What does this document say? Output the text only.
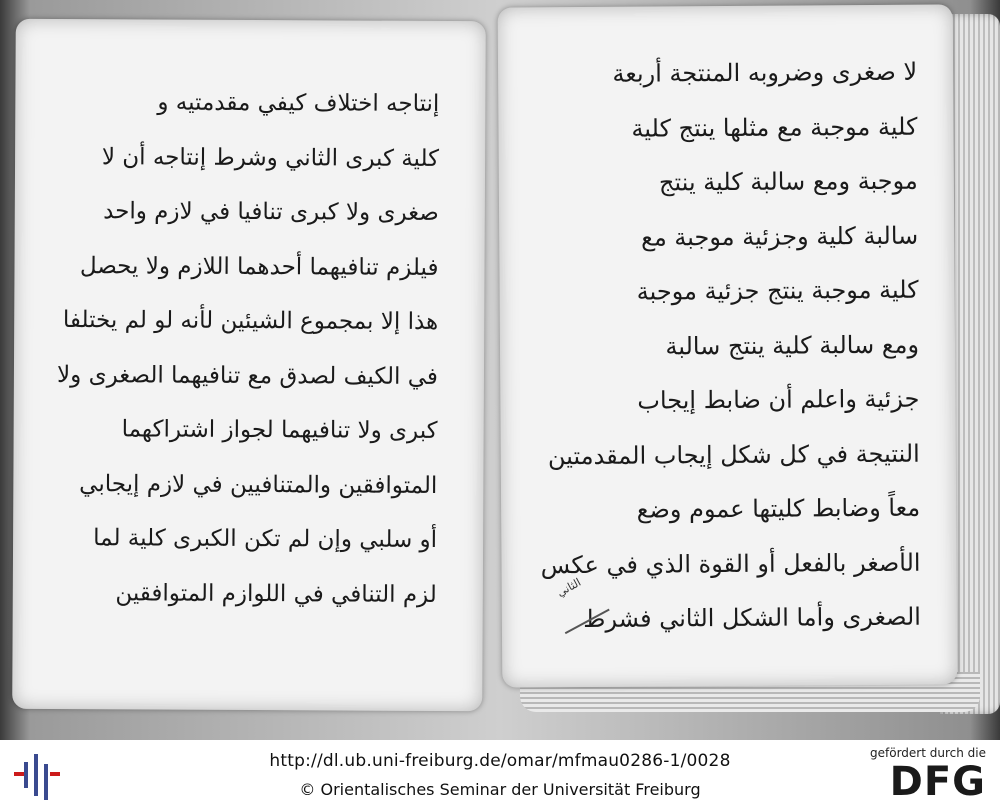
إنتاجه اختلاف كيفي مقدمتيه و
كلية كبرى الثاني وشرط إنتاجه أن لا
صغرى ولا كبرى تنافيا في لازم واحد
فيلزم تنافيهما أحدهما اللازم ولا يحصل
هذا إلا بمجموع الشيئين لأنه لو لم يختلفا
في الكيف لصدق مع تنافيهما الصغرى ولا
كبرى ولا تنافيهما لجواز اشتراكهما
المتوافقين والمتنافيين في لازم إيجابي
أو سلبي وإن لم تكن الكبرى كلية لما
لزم التنافي في اللوازم المتوافقين
لا صغرى وضروبه المنتجة أربعة
كلية موجبة مع مثلها ينتج كلية
موجبة ومع سالبة كلية ينتج
سالبة كلية وجزئية موجبة مع
كلية موجبة ينتج جزئية موجبة
ومع سالبة كلية ينتج سالبة
جزئية واعلم أن ضابط إيجاب
النتيجة في كل شكل إيجاب المقدمتين
معاً وضابط كليتها عموم وضع
الأصغر بالفعل أو القوة الذي في عكس
الصغرى وأما الشكل الثاني فشرط
الثاني
http://dl.ub.uni-freiburg.de/omar/mfmau0286-1/0028
© Orientalisches Seminar der Universität Freiburg
gefördert durch die
DFG
